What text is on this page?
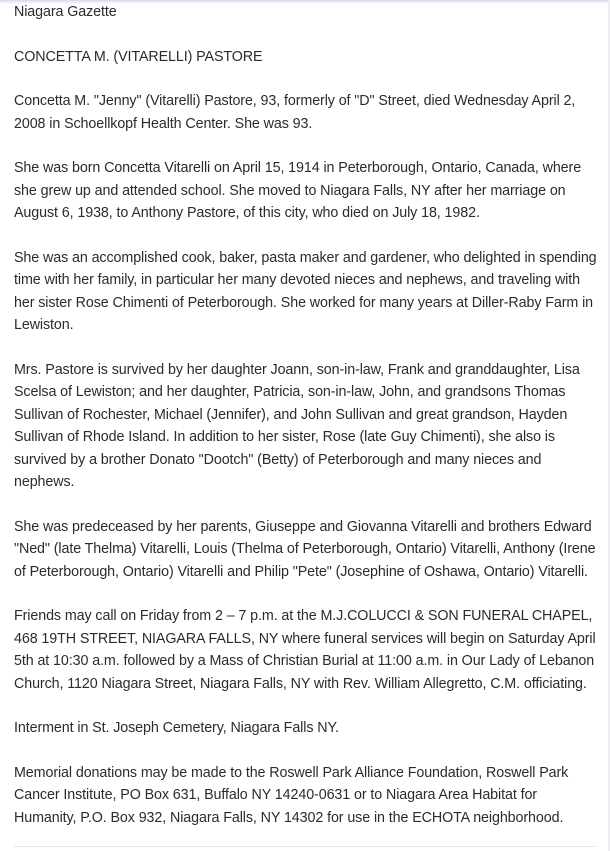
Niagara Gazette

CONCETTA M. (VITARELLI) PASTORE

Concetta M. "Jenny" (Vitarelli) Pastore, 93, formerly of "D" Street, died Wednesday April 2, 2008 in Schoellkopf Health Center. She was 93.

She was born Concetta Vitarelli on April 15, 1914 in Peterborough, Ontario, Canada, where she grew up and attended school. She moved to Niagara Falls, NY after her marriage on August 6, 1938, to Anthony Pastore, of this city, who died on July 18, 1982.

She was an accomplished cook, baker, pasta maker and gardener, who delighted in spending time with her family, in particular her many devoted nieces and nephews, and traveling with her sister Rose Chimenti of Peterborough. She worked for many years at Diller-Raby Farm in Lewiston.

Mrs. Pastore is survived by her daughter Joann, son-in-law, Frank and granddaughter, Lisa Scelsa of Lewiston; and her daughter, Patricia, son-in-law, John, and grandsons Thomas Sullivan of Rochester, Michael (Jennifer), and John Sullivan and great grandson, Hayden Sullivan of Rhode Island. In addition to her sister, Rose (late Guy Chimenti), she also is survived by a brother Donato "Dootch" (Betty) of Peterborough and many nieces and nephews.

She was predeceased by her parents, Giuseppe and Giovanna Vitarelli and brothers Edward "Ned" (late Thelma) Vitarelli, Louis (Thelma of Peterborough, Ontario) Vitarelli, Anthony (Irene of Peterborough, Ontario) Vitarelli and Philip "Pete" (Josephine of Oshawa, Ontario) Vitarelli.

Friends may call on Friday from 2 – 7 p.m. at the M.J.COLUCCI & SON FUNERAL CHAPEL, 468 19TH STREET, NIAGARA FALLS, NY where funeral services will begin on Saturday April 5th at 10:30 a.m. followed by a Mass of Christian Burial at 11:00 a.m. in Our Lady of Lebanon Church, 1120 Niagara Street, Niagara Falls, NY with Rev. William Allegretto, C.M. officiating.

Interment in St. Joseph Cemetery, Niagara Falls NY.

Memorial donations may be made to the Roswell Park Alliance Foundation, Roswell Park Cancer Institute, PO Box 631, Buffalo NY 14240-0631 or to Niagara Area Habitat for Humanity, P.O. Box 932, Niagara Falls, NY 14302 for use in the ECHOTA neighborhood.
